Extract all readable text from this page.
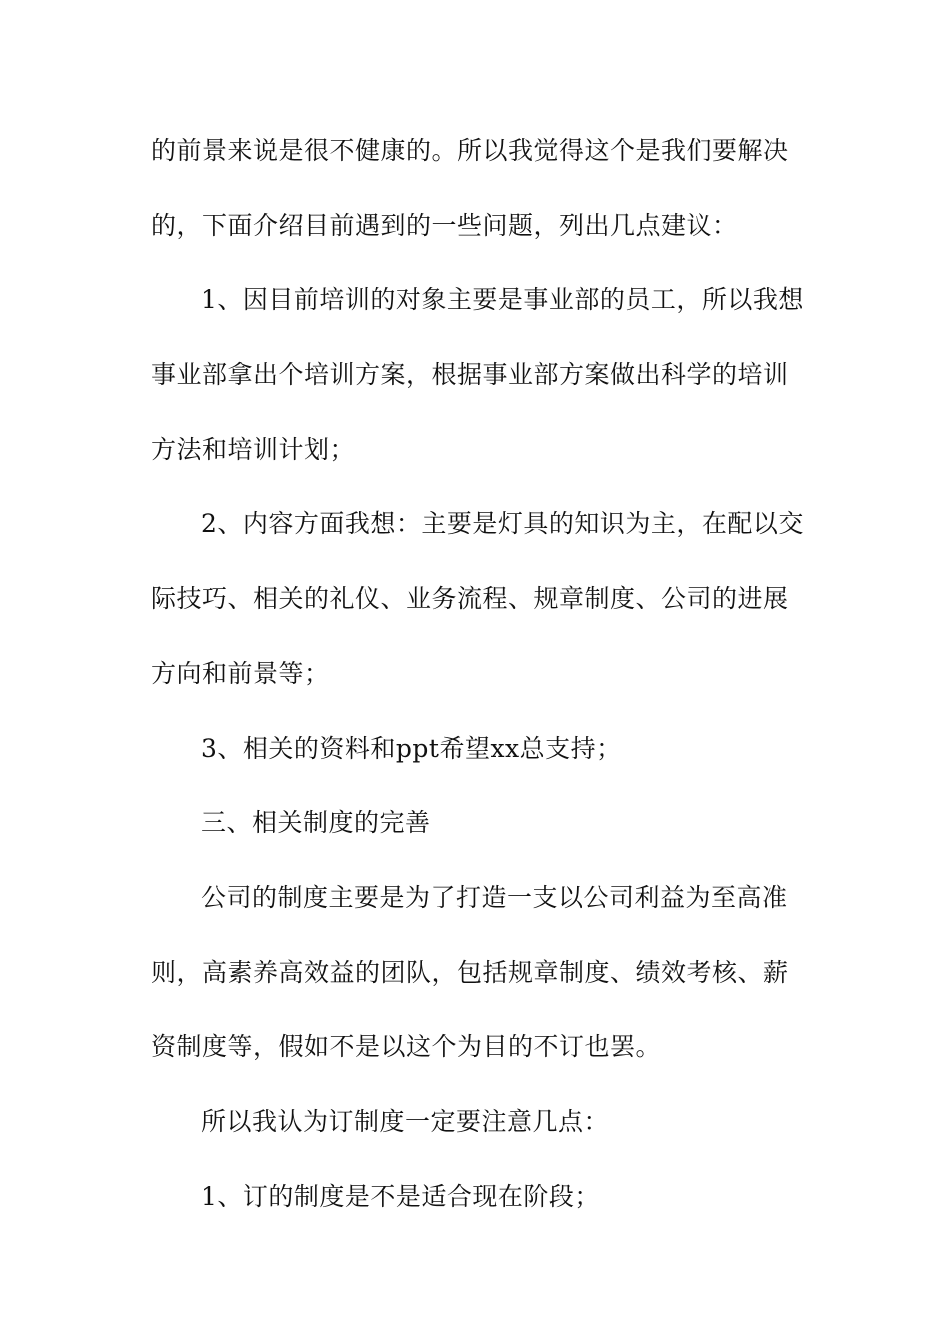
的前景来说是很不健康的。所以我觉得这个是我们要解决
的，下面介绍目前遇到的一些问题，列出几点建议：
1、因目前培训的对象主要是事业部的员工，所以我想
事业部拿出个培训方案，根据事业部方案做出科学的培训
方法和培训计划；
2、内容方面我想：主要是灯具的知识为主，在配以交
际技巧、相关的礼仪、业务流程、规章制度、公司的进展
方向和前景等；
3、相关的资料和ppt希望xx总支持；
三、相关制度的完善
公司的制度主要是为了打造一支以公司利益为至高准
则，高素养高效益的团队，包括规章制度、绩效考核、薪
资制度等，假如不是以这个为目的不订也罢。
所以我认为订制度一定要注意几点：
1、订的制度是不是适合现在阶段；
